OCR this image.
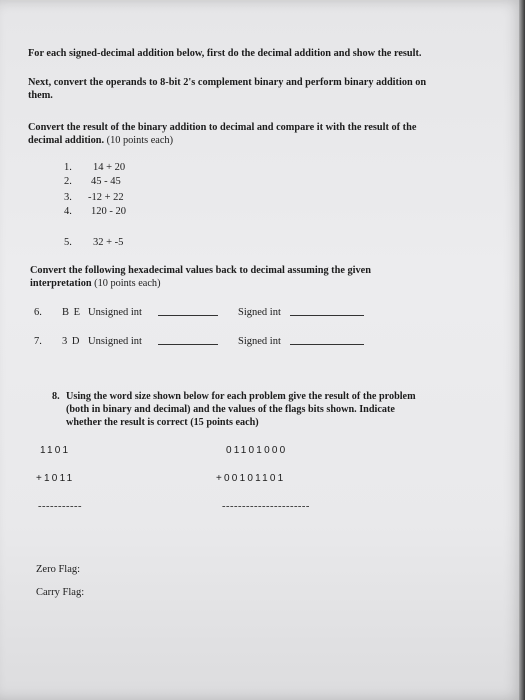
For each signed-decimal addition below, first do the decimal addition and show the result.
Next, convert the operands to 8-bit 2's complement binary and perform binary addition on
them.
Convert the result of the binary addition to decimal and compare it with the result of the
decimal addition. (10 points each)
1. 14 + 20
2. 45 - 45
3. -12 + 22
4. 120 - 20
5. 32 + -5
Convert the following hexadecimal values back to decimal assuming the given
interpretation (10 points each)
6. B E Unsigned int	Signed int
7. 3 D Unsigned int	Signed int
8. Using the word size shown below for each problem give the result of the problem
(both in binary and decimal) and the values of the flags bits shown. Indicate
whether the result is correct (15 points each)
1101
+1011
-----------
01101000
+00101101
----------------------
Zero Flag:
Carry Flag:
